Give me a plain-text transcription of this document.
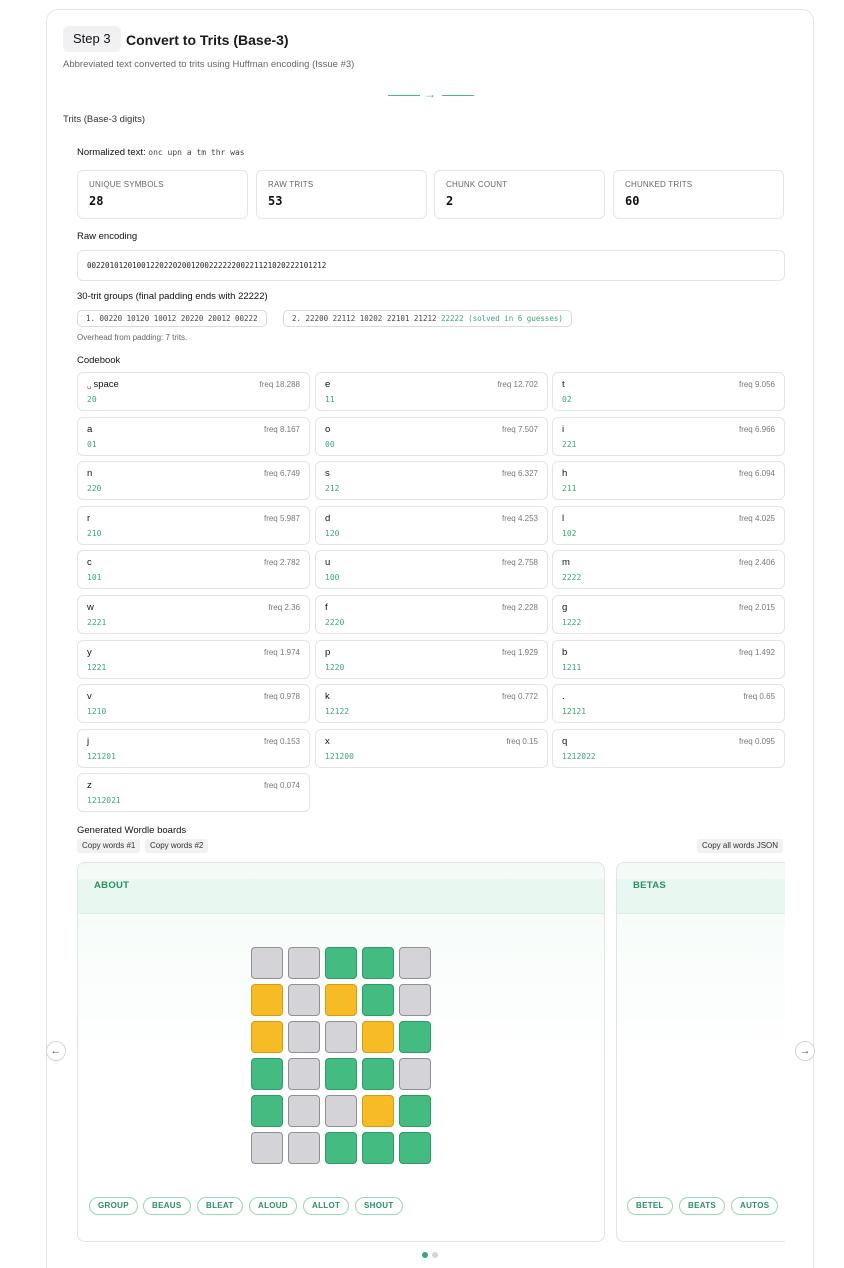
Step 3	Convert to Trits (Base-3)
Abbreviated text converted to trits using Huffman encoding (Issue #3)
→
Trits (Base-3 digits)
Normalized text: onc upn a tm thr was
UNIQUE SYMBOLS
28
RAW TRITS
53
CHUNK COUNT
2
CHUNKED TRITS
60
Raw encoding
00220101201001220220200120022222200221121020222101212
30-trit groups (final padding ends with 22222)
1. 00220 10120 10012 20220 20012 00222	2. 22200 22112 10202 22101 21212 22222 (solved in 6 guesses)
Overhead from padding: 7 trits.
Codebook
␣ space	freq 18.288
20
e	freq 12.702
11
t	freq 9.056
02
a	freq 8.167
01
o	freq 7.507
00
i	freq 6.966
221
n	freq 6.749
220
s	freq 6.327
212
h	freq 6.094
211
r	freq 5.987
210
d	freq 4.253
120
l	freq 4.025
102
c	freq 2.782
101
u	freq 2.758
100
m	freq 2.406
2222
w	freq 2.36
2221
f	freq 2.228
2220
g	freq 2.015
1222
y	freq 1.974
1221
p	freq 1.929
1220
b	freq 1.492
1211
v	freq 0.978
1210
k	freq 0.772
12122
.	freq 0.65
12121
j	freq 0.153
121201
x	freq 0.15
121200
q	freq 0.095
1212022
z	freq 0.074
1212021
Generated Wordle boards
Copy words #1	Copy words #2	Copy all words JSON
ABOUT
GROUP	BEAUS	BLEAT	ALOUD	ALLOT	SHOUT
BETAS
BETEL	BEATS	AUTOS
←	→
